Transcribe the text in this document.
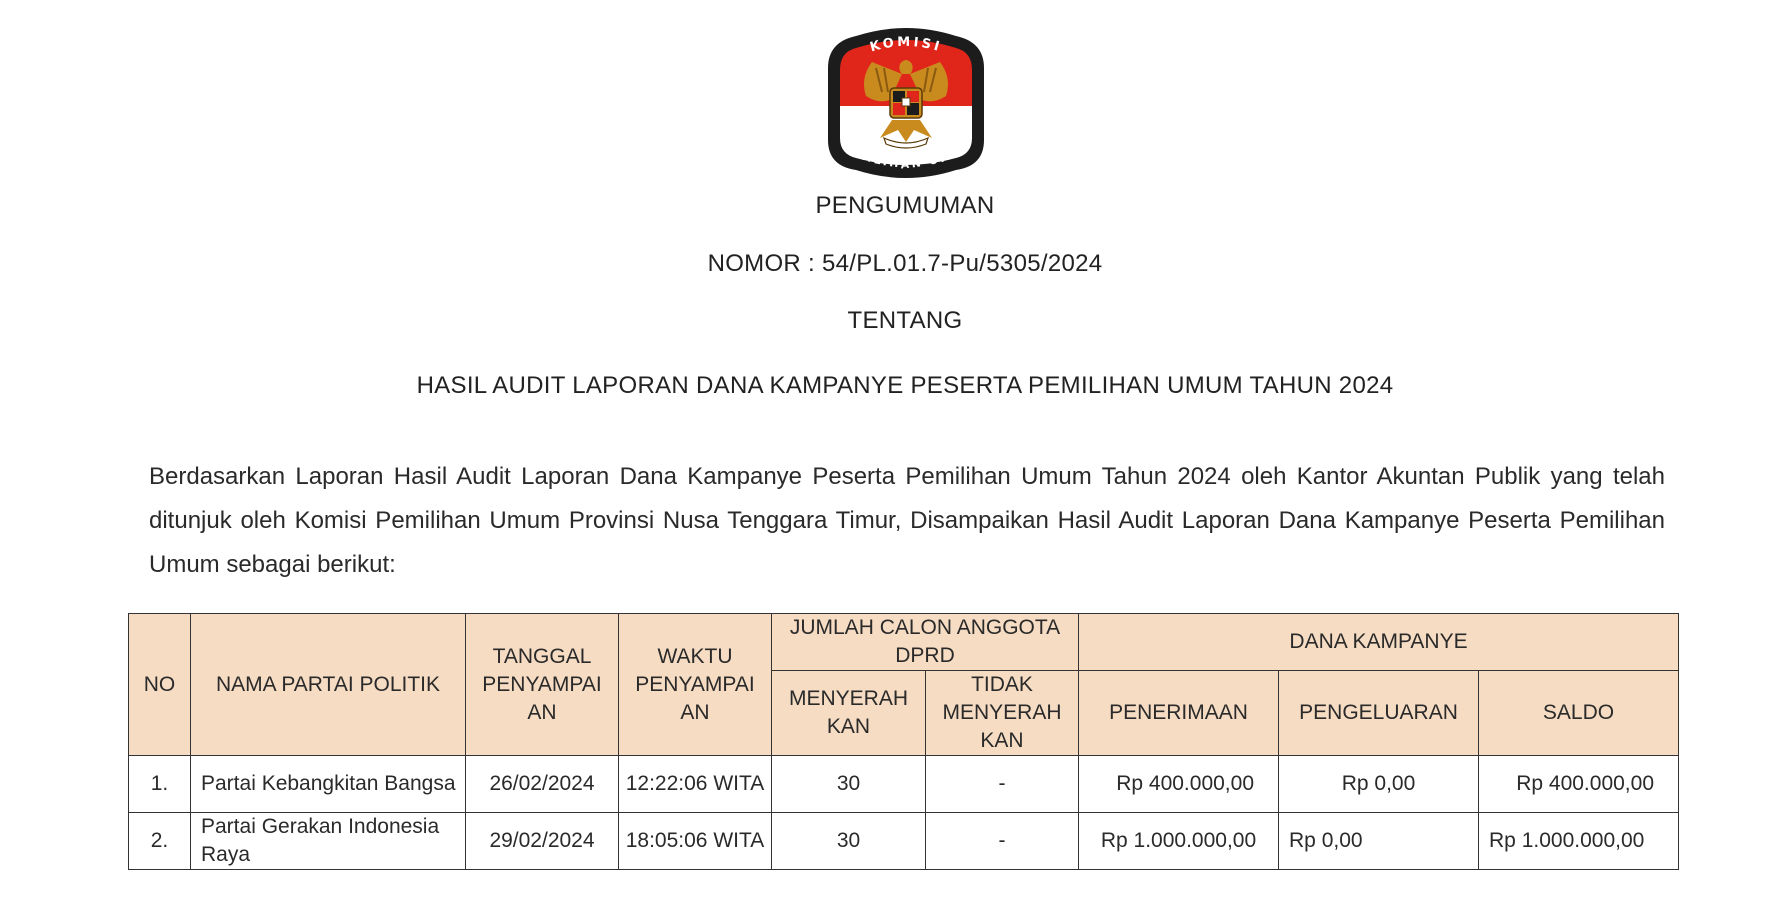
KOMISI
PEMILIHAN UMUM
PENGUMUMAN
NOMOR : 54/PL.01.7-Pu/5305/2024
TENTANG
HASIL AUDIT LAPORAN DANA KAMPANYE PESERTA PEMILIHAN UMUM TAHUN 2024

Berdasarkan Laporan Hasil Audit Laporan Dana Kampanye Peserta Pemilihan Umum Tahun 2024 oleh Kantor Akuntan Publik yang telah ditunjuk oleh Komisi Pemilihan Umum Provinsi Nusa Tenggara Timur, Disampaikan Hasil Audit Laporan Dana Kampanye Peserta Pemilihan Umum sebagai berikut:

NO	NAMA PARTAI POLITIK	TANGGAL PENYAMPAI AN	WAKTU PENYAMPAI AN	JUMLAH CALON ANGGOTA DPRD		DANA KAMPANYE		
				MENYERAH KAN	TIDAK MENYERAH KAN	PENERIMAAN	PENGELUARAN	SALDO
1.	Partai Kebangkitan Bangsa	26/02/2024	12:22:06 WITA	30	-	Rp 400.000,00	Rp 0,00	Rp 400.000,00
2.	Partai Gerakan Indonesia Raya	29/02/2024	18:05:06 WITA	30	-	Rp 1.000.000,00	Rp 0,00	Rp 1.000.000,00
